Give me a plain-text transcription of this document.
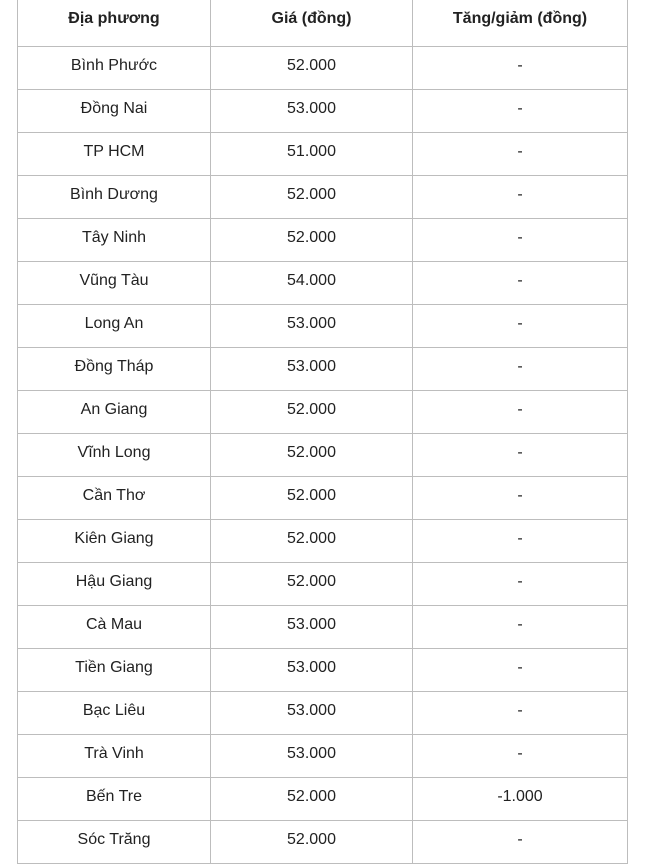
Địa phương	Giá (đồng)	Tăng/giảm (đồng)

Bình Phước	52.000	-

Đồng Nai	53.000	-

TP HCM	51.000	-

Bình Dương	52.000	-

Tây Ninh	52.000	-

Vũng Tàu	54.000	-

Long An	53.000	-

Đồng Tháp	53.000	-

An Giang	52.000	-

Vĩnh Long	52.000	-

Cần Thơ	52.000	-

Kiên Giang	52.000	-

Hậu Giang	52.000	-

Cà Mau	53.000	-

Tiền Giang	53.000	-

Bạc Liêu	53.000	-

Trà Vinh	53.000	-

Bến Tre	52.000	-1.000

Sóc Trăng	52.000	-
